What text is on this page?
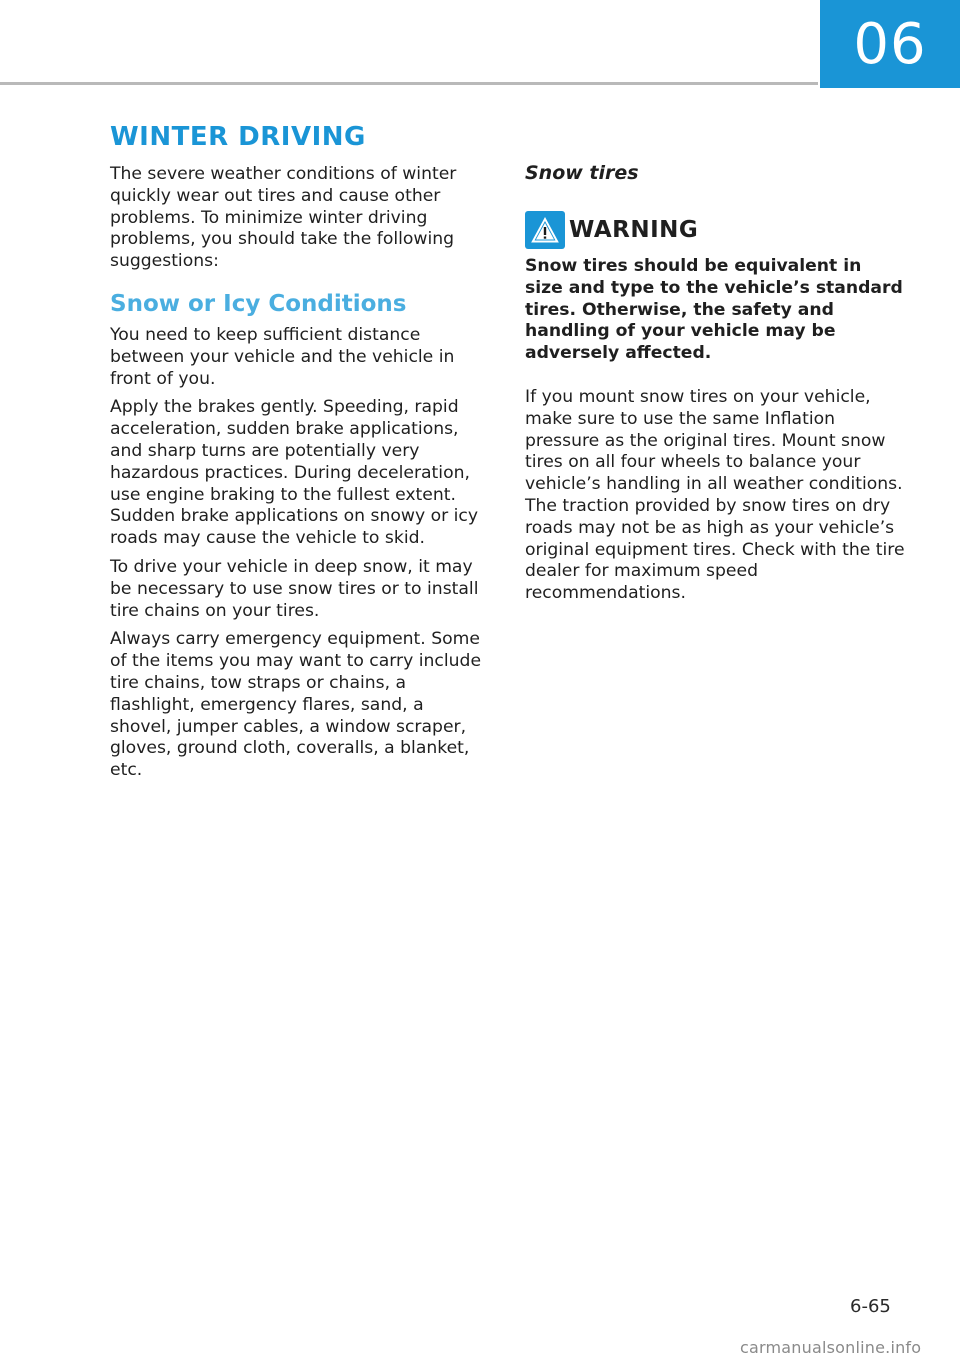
06
WINTER DRIVING

The severe weather conditions of winter quickly wear out tires and cause other problems. To minimize winter driving problems, you should take the following suggestions:

Snow or Icy Conditions

You need to keep sufficient distance between your vehicle and the vehicle in front of you.

Apply the brakes gently. Speeding, rapid acceleration, sudden brake applications, and sharp turns are potentially very hazardous practices. During deceleration, use engine braking to the fullest extent. Sudden brake applications on snowy or icy roads may cause the vehicle to skid.

To drive your vehicle in deep snow, it may be necessary to use snow tires or to install tire chains on your tires.

Always carry emergency equipment. Some of the items you may want to carry include tire chains, tow straps or chains, a flashlight, emergency flares, sand, a shovel, jumper cables, a window scraper, gloves, ground cloth, coveralls, a blanket, etc.

Snow tires
WARNING

Snow tires should be equivalent in size and type to the vehicle’s standard tires. Otherwise, the safety and handling of your vehicle may be adversely affected.

If you mount snow tires on your vehicle, make sure to use the same Inflation pressure as the original tires. Mount snow tires on all four wheels to balance your vehicle’s handling in all weather conditions. The traction provided by snow tires on dry roads may not be as high as your vehicle’s original equipment tires. Check with the tire dealer for maximum speed recommendations.

6-65
carmanualsonline.info
